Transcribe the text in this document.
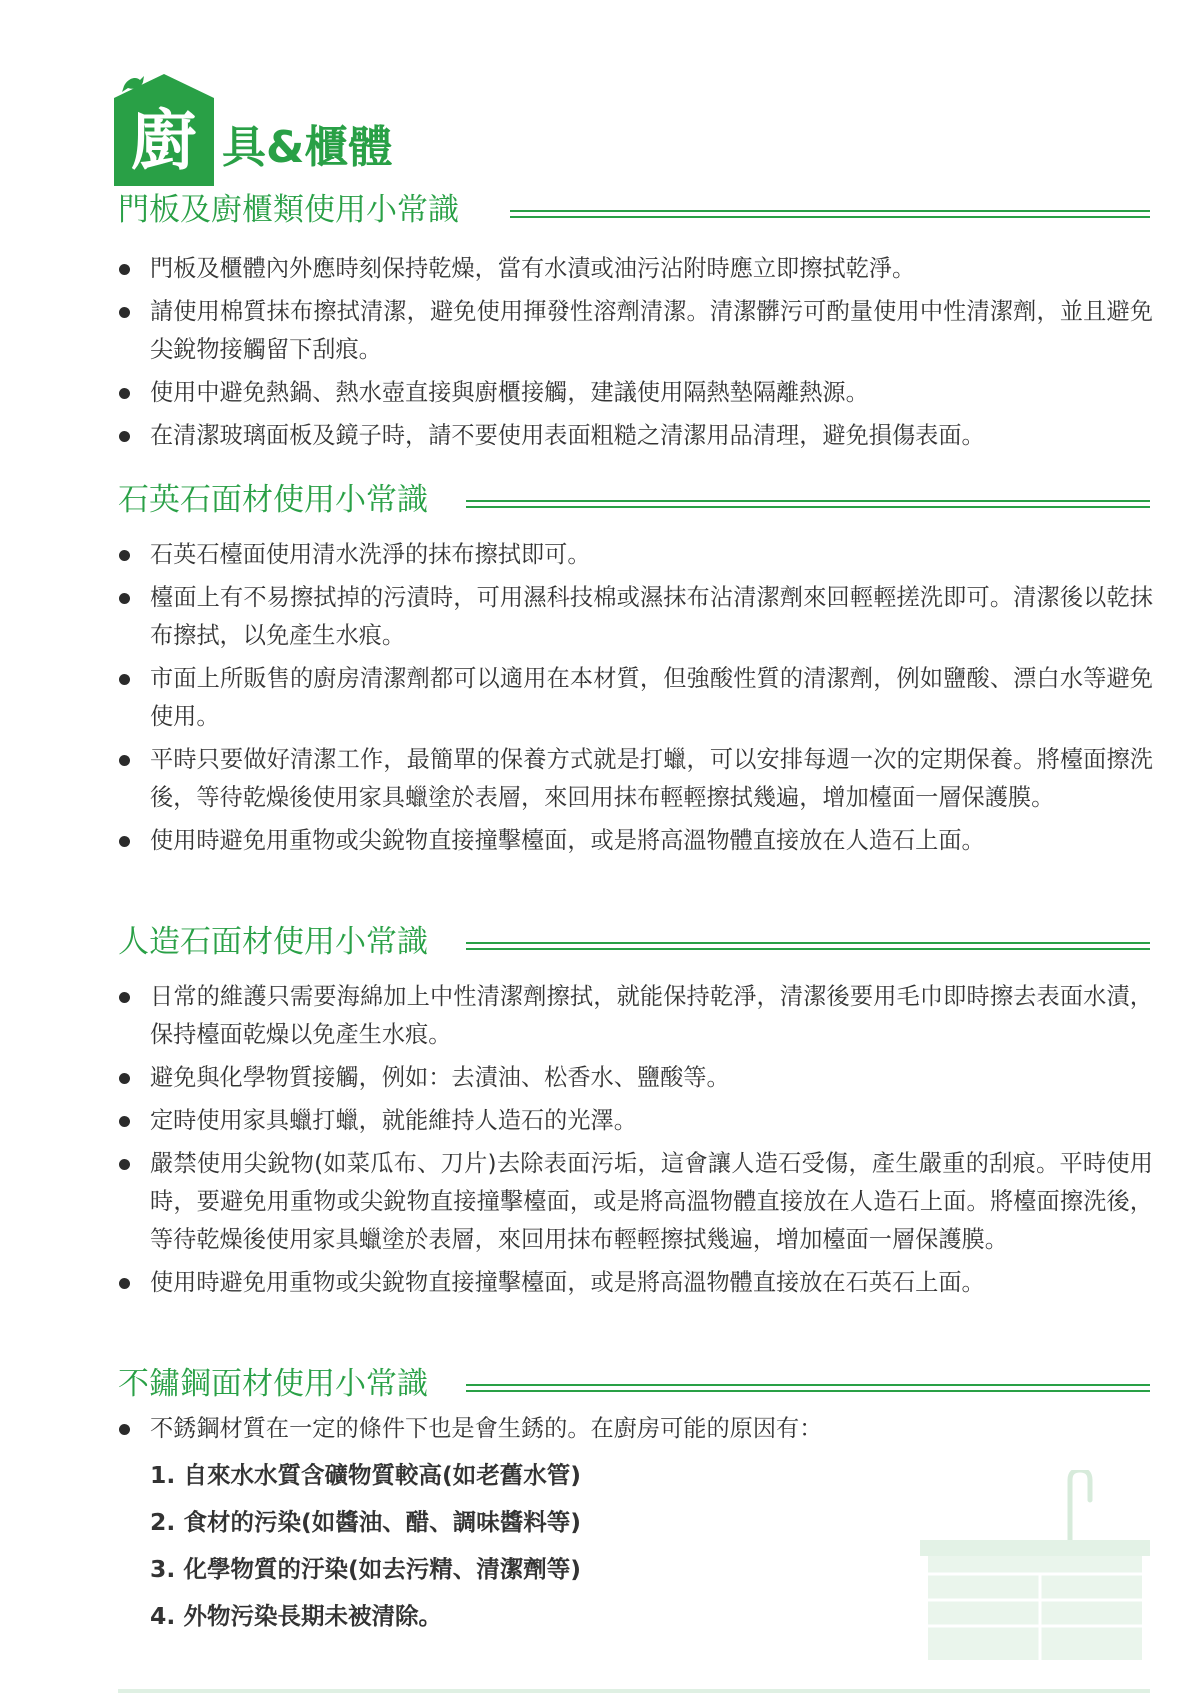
廚 具&櫃體
門板及廚櫃類使用小常識
門板及櫃體內外應時刻保持乾燥，當有水漬或油污沾附時應立即擦拭乾淨。
請使用棉質抹布擦拭清潔，避免使用揮發性溶劑清潔。清潔髒污可酌量使用中性清潔劑，並且避免尖銳物接觸留下刮痕。
使用中避免熱鍋、熱水壺直接與廚櫃接觸，建議使用隔熱墊隔離熱源。
在清潔玻璃面板及鏡子時，請不要使用表面粗糙之清潔用品清理，避免損傷表面。
石英石面材使用小常識
石英石檯面使用清水洗淨的抹布擦拭即可。
檯面上有不易擦拭掉的污漬時，可用濕科技棉或濕抹布沾清潔劑來回輕輕搓洗即可。清潔後以乾抹布擦拭，以免產生水痕。
市面上所販售的廚房清潔劑都可以適用在本材質，但強酸性質的清潔劑，例如鹽酸、漂白水等避免使用。
平時只要做好清潔工作，最簡單的保養方式就是打蠟，可以安排每週一次的定期保養。將檯面擦洗後，等待乾燥後使用家具蠟塗於表層，來回用抹布輕輕擦拭幾遍，增加檯面一層保護膜。
使用時避免用重物或尖銳物直接撞擊檯面，或是將高溫物體直接放在人造石上面。
人造石面材使用小常識
日常的維護只需要海綿加上中性清潔劑擦拭，就能保持乾淨，清潔後要用毛巾即時擦去表面水漬，保持檯面乾燥以免產生水痕。
避免與化學物質接觸，例如：去漬油、松香水、鹽酸等。
定時使用家具蠟打蠟，就能維持人造石的光澤。
嚴禁使用尖銳物(如菜瓜布、刀片)去除表面污垢，這會讓人造石受傷，產生嚴重的刮痕。平時使用時，要避免用重物或尖銳物直接撞擊檯面，或是將高溫物體直接放在人造石上面。將檯面擦洗後，等待乾燥後使用家具蠟塗於表層，來回用抹布輕輕擦拭幾遍，增加檯面一層保護膜。
使用時避免用重物或尖銳物直接撞擊檯面，或是將高溫物體直接放在石英石上面。
不鏽鋼面材使用小常識
不銹鋼材質在一定的條件下也是會生銹的。在廚房可能的原因有：
1. 自來水水質含礦物質較高(如老舊水管)
2. 食材的污染(如醬油、醋、調味醬料等)
3. 化學物質的汙染(如去污精、清潔劑等)
4. 外物污染長期未被清除。
